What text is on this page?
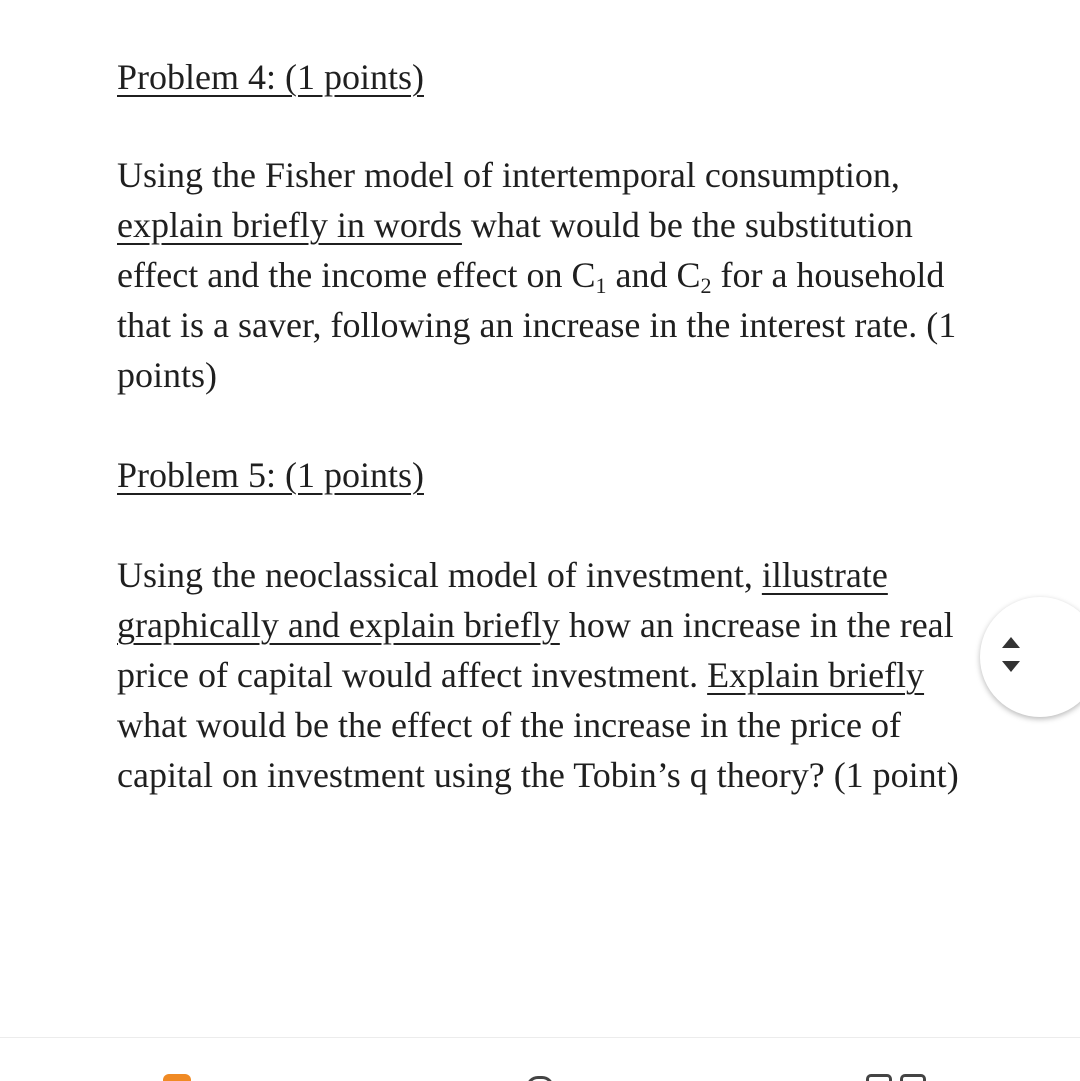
Problem 4: (1 points)

Using the Fisher model of intertemporal consumption, explain briefly in words what would be the substitution effect and the income effect on $C_1$ and $C_2$ for a household that is a saver, following an increase in the interest rate. (1 points)

Problem 5: (1 points)

Using the neoclassical model of investment, illustrate graphically and explain briefly how an increase in the real price of capital would affect investment. Explain briefly what would be the effect of the increase in the price of capital on investment using the Tobin’s q theory? (1 point)
